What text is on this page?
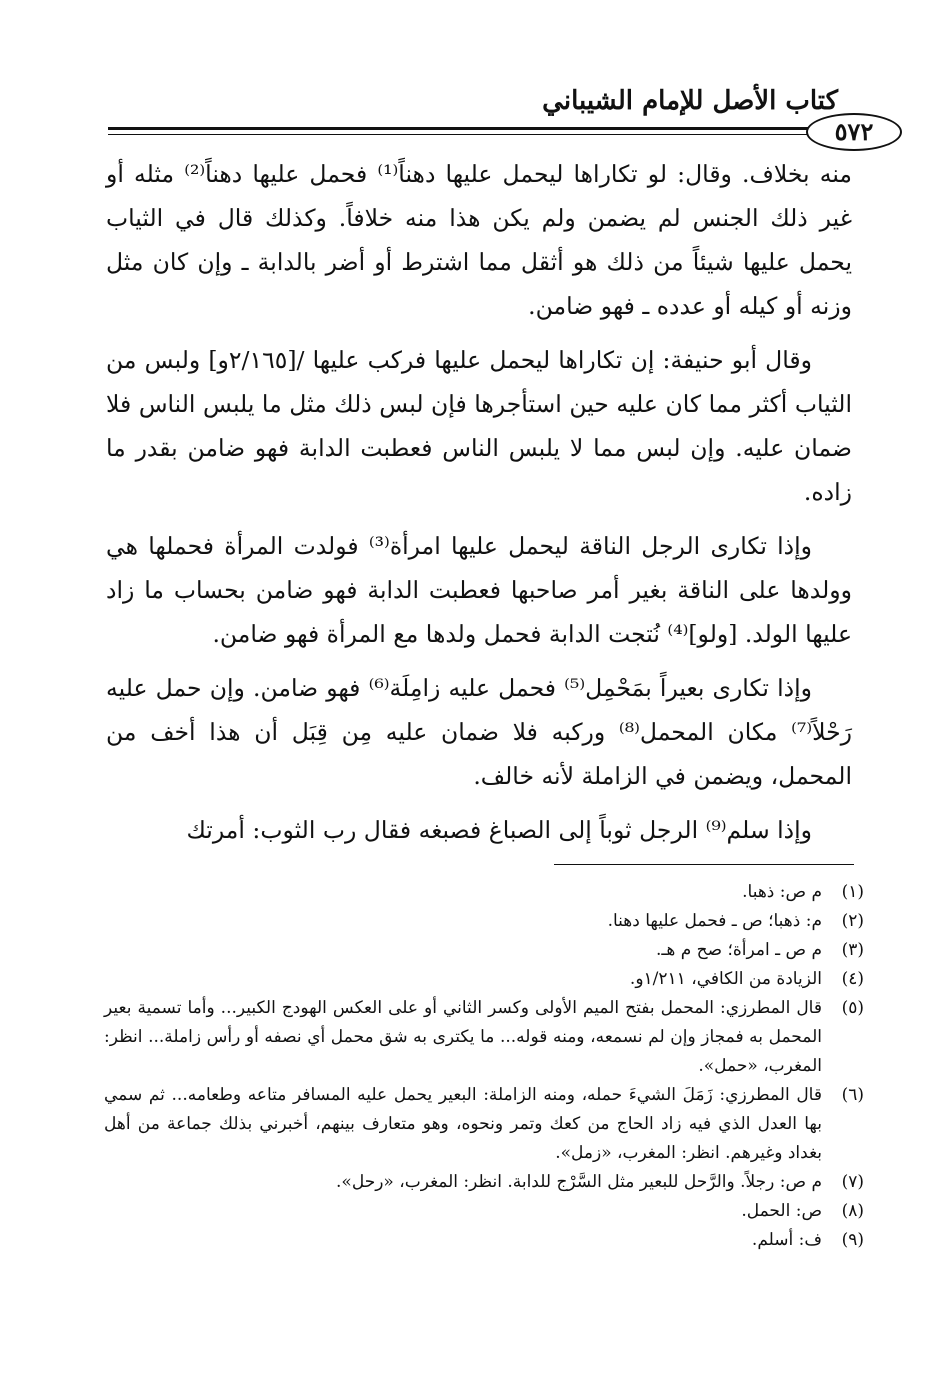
كتاب الأصل للإمام الشيباني
٥٧٢

منه بخلاف. وقال: لو تكاراها ليحمل عليها دهناً⁽¹⁾ فحمل عليها دهناً⁽²⁾ مثله أو غير ذلك الجنس لم يضمن ولم يكن هذا منه خلافاً. وكذلك قال في الثياب يحمل عليها شيئاً من ذلك هو أثقل مما اشترط أو أضر بالدابة ـ وإن كان مثل وزنه أو كيله أو عدده ـ فهو ضامن.

وقال أبو حنيفة: إن تكاراها ليحمل عليها فركب عليها /[٢/١٦٥و] ولبس من الثياب أكثر مما كان عليه حين استأجرها فإن لبس ذلك مثل ما يلبس الناس فلا ضمان عليه. وإن لبس مما لا يلبس الناس فعطبت الدابة فهو ضامن بقدر ما زاده.

وإذا تكارى الرجل الناقة ليحمل عليها امرأة⁽³⁾ فولدت المرأة فحملها هي وولدها على الناقة بغير أمر صاحبها فعطبت الدابة فهو ضامن بحساب ما زاد عليها الولد. [ولو]⁽⁴⁾ نُتجت الدابة فحمل ولدها مع المرأة فهو ضامن.

وإذا تكارى بعيراً بمَحْمِل⁽⁵⁾ فحمل عليه زامِلَة⁽⁶⁾ فهو ضامن. وإن حمل عليه رَحْلاً⁽⁷⁾ مكان المحمل⁽⁸⁾ وركبه فلا ضمان عليه مِن قِبَل أن هذا أخف من المحمل، ويضمن في الزاملة لأنه خالف.

وإذا سلم⁽⁹⁾ الرجل ثوباً إلى الصباغ فصبغه فقال رب الثوب: أمرتك

(١)
م ص: ذهبا.
(٢)
م: ذهبا؛ ص ـ فحمل عليها دهنا.
(٣)
م ص ـ امرأة؛ صح م هـ.
(٤)
الزيادة من الكافي، ١/٢١١و.
(٥)
قال المطرزي: المحمل بفتح الميم الأولى وكسر الثاني أو على العكس الهودج الكبير... وأما تسمية بعير المحمل به فمجاز وإن لم نسمعه، ومنه قوله... ما يكترى به شق محمل أي نصفه أو رأس زاملة... انظر: المغرب، «حمل».
(٦)
قال المطرزي: زَمَلَ الشيءَ حمله، ومنه الزاملة: البعير يحمل عليه المسافر متاعه وطعامه... ثم سمي بها العدل الذي فيه زاد الحاج من كعك وتمر ونحوه، وهو متعارف بينهم، أخبرني بذلك جماعة من أهل بغداد وغيرهم. انظر: المغرب، «زمل».
(٧)
م ص: رجلاً. والرَّحل للبعير مثل السَّرْج للدابة. انظر: المغرب، «رحل».
(٨)
ص: الحمل.
(٩)
ف: أسلم.
